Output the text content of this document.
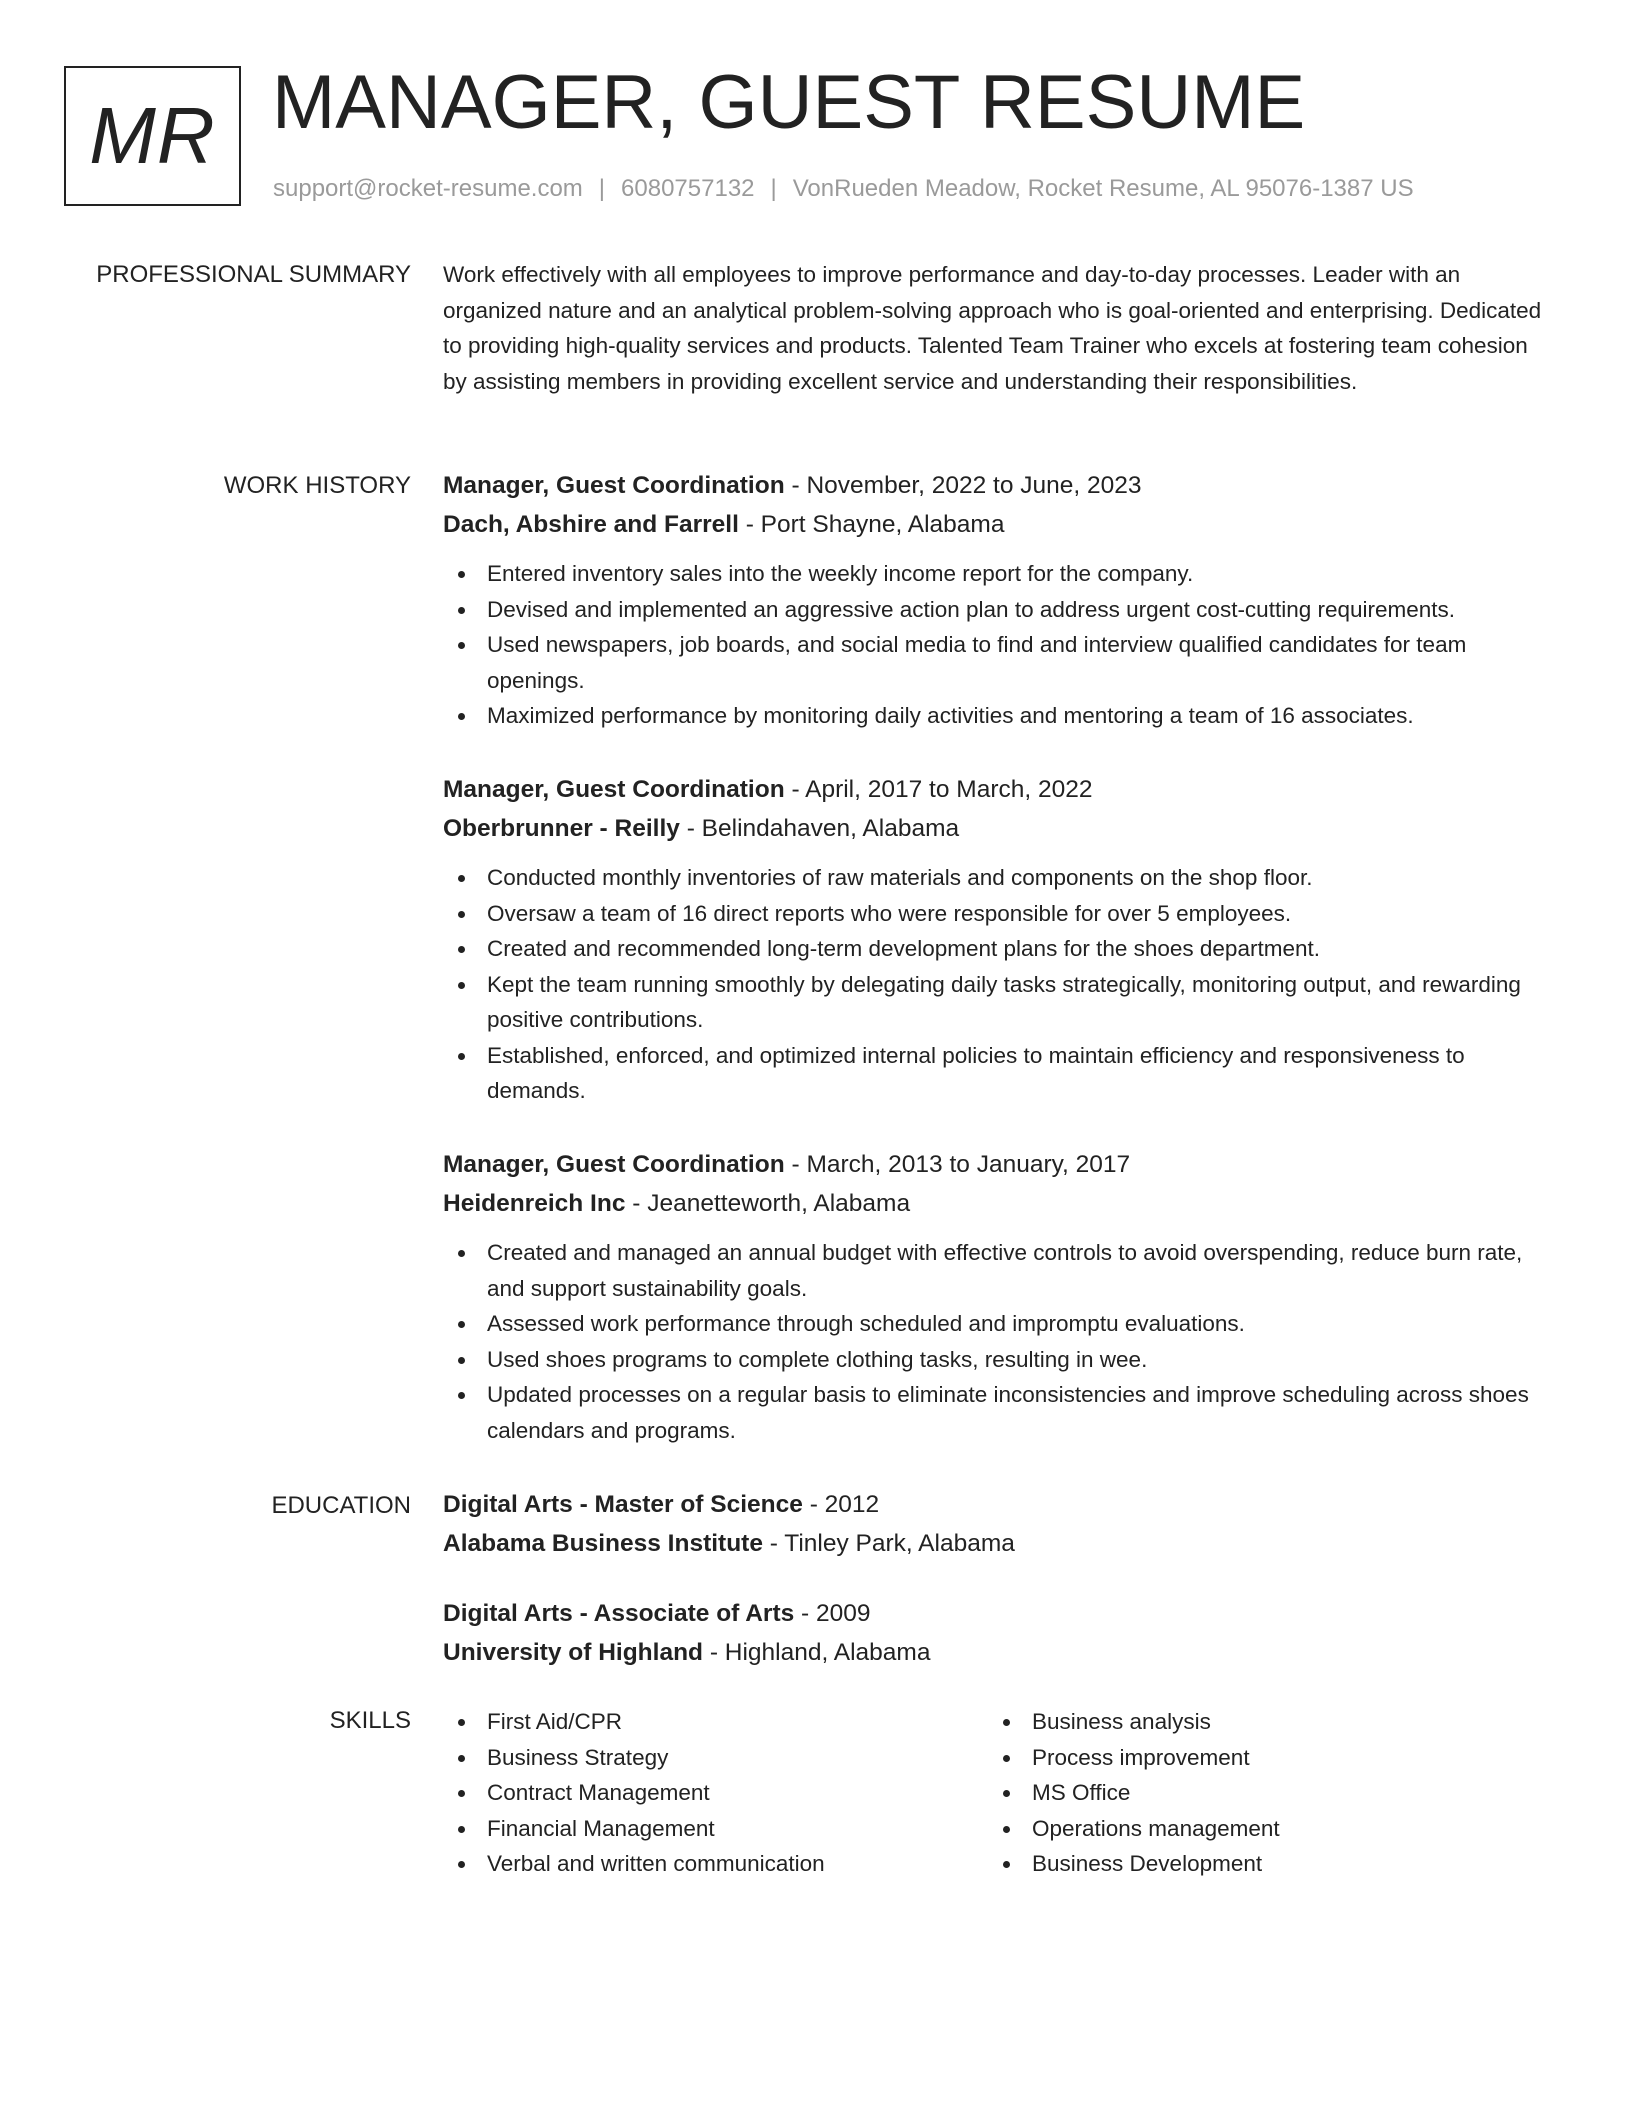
MR MANAGER, GUEST RESUME
support@rocket-resume.com | 6080757132 | VonRueden Meadow, Rocket Resume, AL 95076-1387 US
PROFESSIONAL SUMMARY Work effectively with all employees to improve performance and day-to-day processes. Leader with an organized nature and an analytical problem-solving approach who is goal-oriented and enterprising. Dedicated to providing high-quality services and products. Talented Team Trainer who excels at fostering team cohesion by assisting members in providing excellent service and understanding their responsibilities.

WORK HISTORY Manager, Guest Coordination - November, 2022 to June, 2023
Dach, Abshire and Farrell - Port Shayne, Alabama
Entered inventory sales into the weekly income report for the company.
Devised and implemented an aggressive action plan to address urgent cost-cutting requirements.
Used newspapers, job boards, and social media to find and interview qualified candidates for team openings.
Maximized performance by monitoring daily activities and mentoring a team of 16 associates.
Manager, Guest Coordination - April, 2017 to March, 2022
Oberbrunner - Reilly - Belindahaven, Alabama
Conducted monthly inventories of raw materials and components on the shop floor.
Oversaw a team of 16 direct reports who were responsible for over 5 employees.
Created and recommended long-term development plans for the shoes department.
Kept the team running smoothly by delegating daily tasks strategically, monitoring output, and rewarding positive contributions.
Established, enforced, and optimized internal policies to maintain efficiency and responsiveness to demands.
Manager, Guest Coordination - March, 2013 to January, 2017
Heidenreich Inc - Jeanetteworth, Alabama
Created and managed an annual budget with effective controls to avoid overspending, reduce burn rate, and support sustainability goals.
Assessed work performance through scheduled and impromptu evaluations.
Used shoes programs to complete clothing tasks, resulting in wee.
Updated processes on a regular basis to eliminate inconsistencies and improve scheduling across shoes calendars and programs.
EDUCATION Digital Arts - Master of Science - 2012
Alabama Business Institute - Tinley Park, Alabama
Digital Arts - Associate of Arts - 2009
University of Highland - Highland, Alabama
SKILLS	First Aid/CPR
Business Strategy
Contract Management
Financial Management
Verbal and written communication
Business analysis
Process improvement
MS Office
Operations management
Business Development
